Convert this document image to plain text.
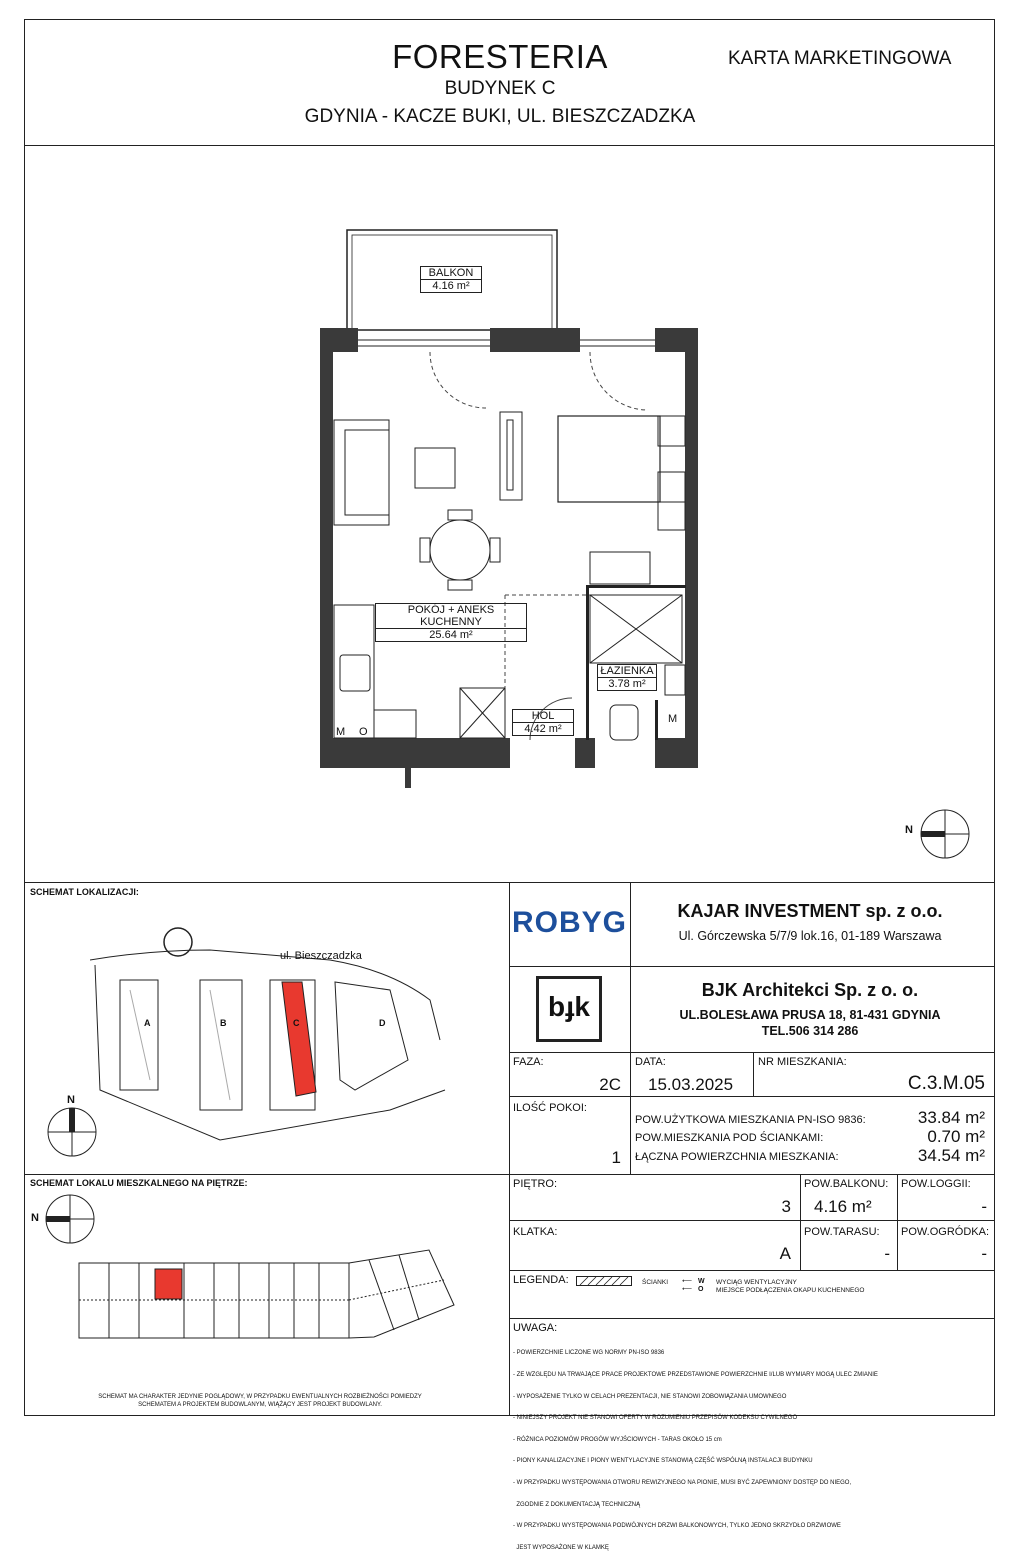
FORESTERIA
BUDYNEK C
GDYNIA - KACZE BUKI, UL. BIESZCZADZKA
KARTA MARKETINGOWA
BALKON
4.16 m²
POKÓJ + ANEKS KUCHENNY
25.64 m²
ŁAZIENKA
3.78 m²
HOL
4.42 m²
M O
M
N
SCHEMAT LOKALIZACJI:
ul. Bieszczadzka
A	B	C	D
N
SCHEMAT LOKALU MIESZKALNEGO NA PIĘTRZE:
N
SCHEMAT MA CHARAKTER JEDYNIE POGLĄDOWY, W PRZYPADKU EWENTUALNYCH ROZBIEŻNOŚCI POMIEDZY
SCHEMATEM A PROJEKTEM BUDOWLANYM, WIĄŻĄCY JEST PROJEKT BUDOWLANY.
ROBYG	KAJAR INVESTMENT sp. z o.o.
Ul. Górczewska 5/7/9 lok.16, 01-189 Warszawa
bɟk
BJK Architekci Sp. z o. o.
UL.BOLESŁAWA PRUSA 18, 81-431 GDYNIA
TEL.506 314 286
FAZA:
2C
DATA:
15.03.2025
NR MIESZKANIA:
C.3.M.05
ILOŚĆ POKOI:
1
POW.UŻYTKOWA MIESZKANIA PN-ISO 9836:	33.84 m²
POW.MIESZKANIA POD ŚCIANKAMI:	0.70 m²
ŁĄCZNA POWIERZCHNIA MIESZKANIA:	34.54 m²
PIĘTRO:
3
POW.BALKONU:
4.16 m²
POW.LOGGII:
-
KLATKA:
A
POW.TARASU:
-
POW.OGRÓDKA:
-
LEGENDA:	ŚCIANKI ⟵ W WYCIĄG WENTYLACYJNY
⟵ O MIEJSCE PODŁĄCZENIA OKAPU KUCHENNEGO
UWAGA:

- POWIERZCHNIE LICZONE WG NORMY PN-ISO 9836

- ZE WZGLĘDU NA TRWAJĄCE PRACE PROJEKTOWE PRZEDSTAWIONE POWIERZCHNIE I/LUB WYMIARY MOGĄ ULEC ZMIANIE

- WYPOSAŻENIE TYLKO W CELACH PREZENTACJI, NIE STANOWI ZOBOWIĄZANIA UMOWNEGO

- NINIEJSZY PROJEKT NIE STANOWI OFERTY W ROZUMIENIU PRZEPISÓW KODEKSU CYWILNEGO

- RÓŻNICA POZIOMÓW PROGÓW WYJŚCIOWYCH - TARAS OKOŁO 15 cm

- PIONY KANALIZACYJNE I PIONY WENTYLACYJNE STANOWIĄ CZĘŚĆ WSPÓLNĄ INSTALACJI BUDYNKU

- W PRZYPADKU WYSTĘPOWANIA OTWORU REWIZYJNEGO NA PIONIE, MUSI BYĆ ZAPEWNIONY DOSTĘP DO NIEGO,

ZGODNIE Z DOKUMENTACJĄ TECHNICZNĄ

- W PRZYPADKU WYSTĘPOWANIA PODWÓJNYCH DRZWI BALKONOWYCH, TYLKO JEDNO SKRZYDŁO DRZWIOWE

JEST WYPOSAŻONE W KLAMKĘ
